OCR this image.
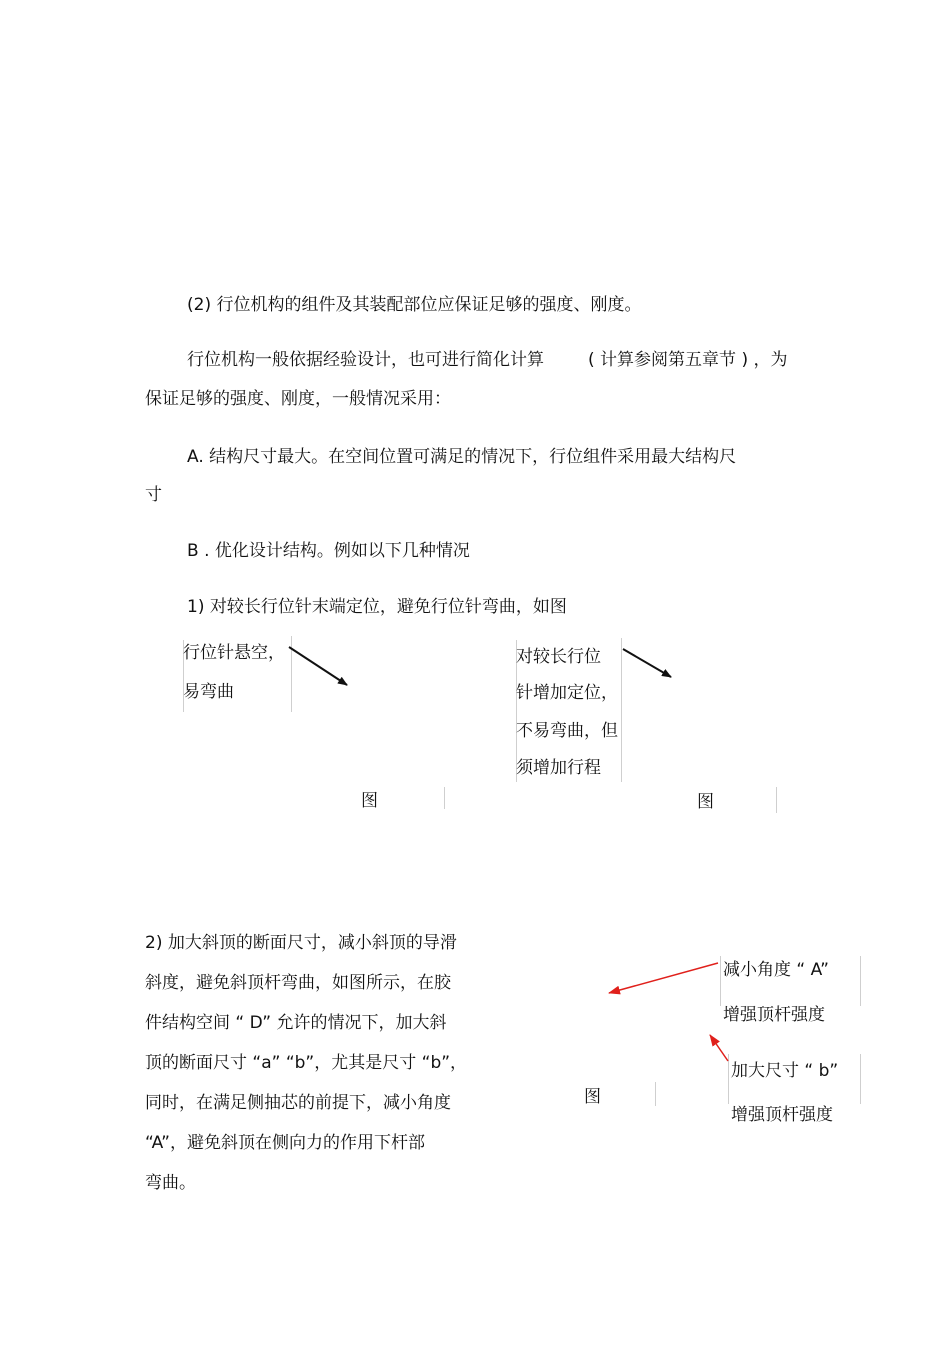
(2) 行位机构的组件及其装配部位应保证足够的强度、刚度。
行位机构一般依据经验设计，也可进行简化计算	( 计算参阅第五章节 ) ，为
保证足够的强度、刚度，一般情况采用：
A. 结构尺寸最大。在空间位置可满足的情况下，行位组件采用最大结构尺
寸
B . 优化设计结构。例如以下几种情况
1) 对较长行位针末端定位，避免行位针弯曲，如图
行位针悬空，
易弯曲
对较长行位
针增加定位，
不易弯曲，但
须增加行程
图	图
2) 加大斜顶的断面尺寸，减小斜顶的导滑
斜度，避免斜顶杆弯曲，如图所示，在胶
件结构空间 “ D” 允许的情况下，加大斜
顶的断面尺寸 “a” “b”，尤其是尺寸 “b”，
同时，在满足侧抽芯的前提下，减小角度
“A”，避免斜顶在侧向力的作用下杆部
弯曲。
减小角度 “ A”
增强顶杆强度
加大尺寸 “ b”
增强顶杆强度
图
